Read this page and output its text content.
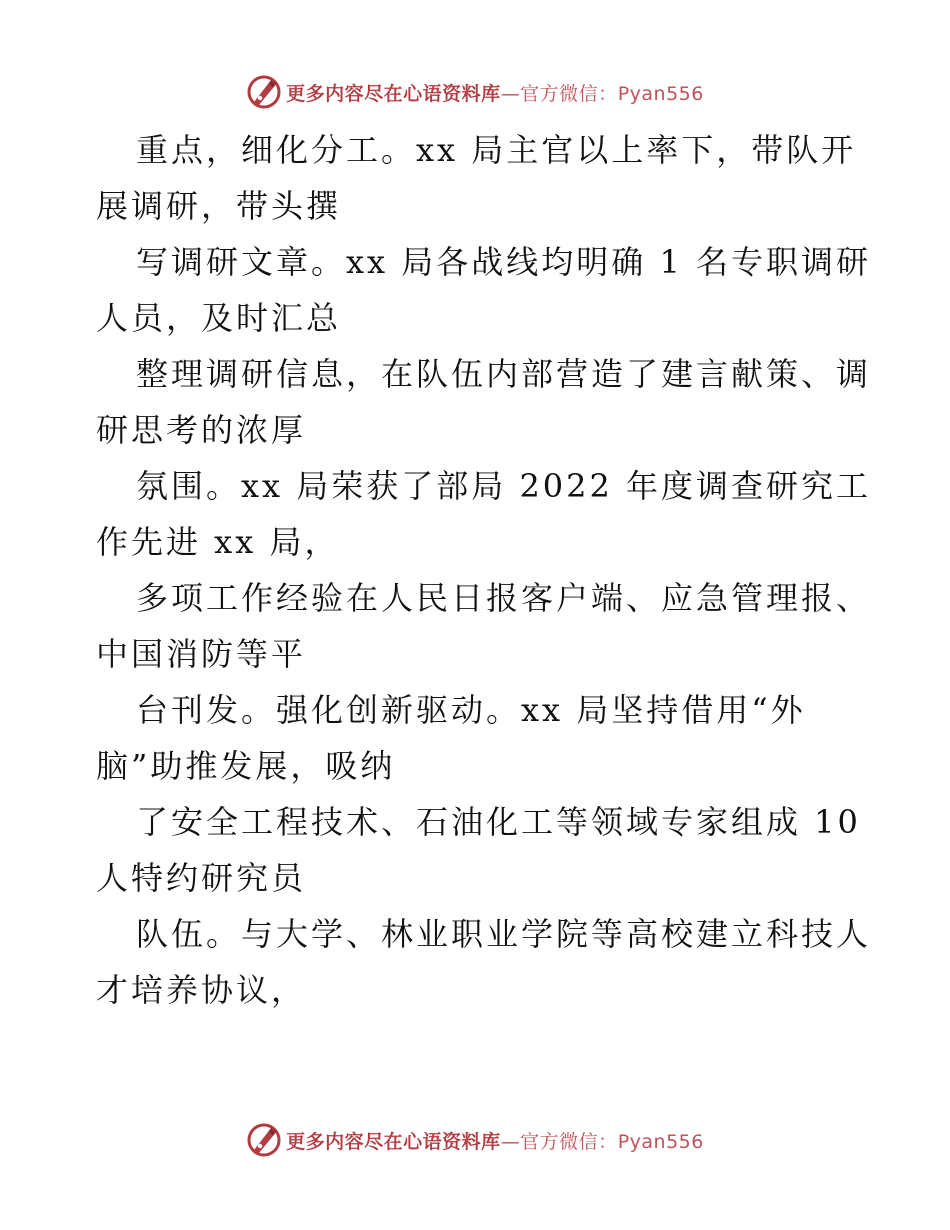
更多内容尽在心语资料库—官方微信：Pyan556
重点，细化分工。xx 局主官以上率下，带队开
展调研，带头撰
写调研文章。xx 局各战线均明确 1 名专职调研
人员，及时汇总
整理调研信息，在队伍内部营造了建言献策、调
研思考的浓厚
氛围。xx 局荣获了部局 2022 年度调查研究工
作先进 xx 局，
多项工作经验在人民日报客户端、应急管理报、
中国消防等平
台刊发。强化创新驱动。xx 局坚持借用“外
脑”助推发展，吸纳
了安全工程技术、石油化工等领域专家组成 10
人特约研究员
队伍。与大学、林业职业学院等高校建立科技人
才培养协议，
更多内容尽在心语资料库—官方微信：Pyan556
